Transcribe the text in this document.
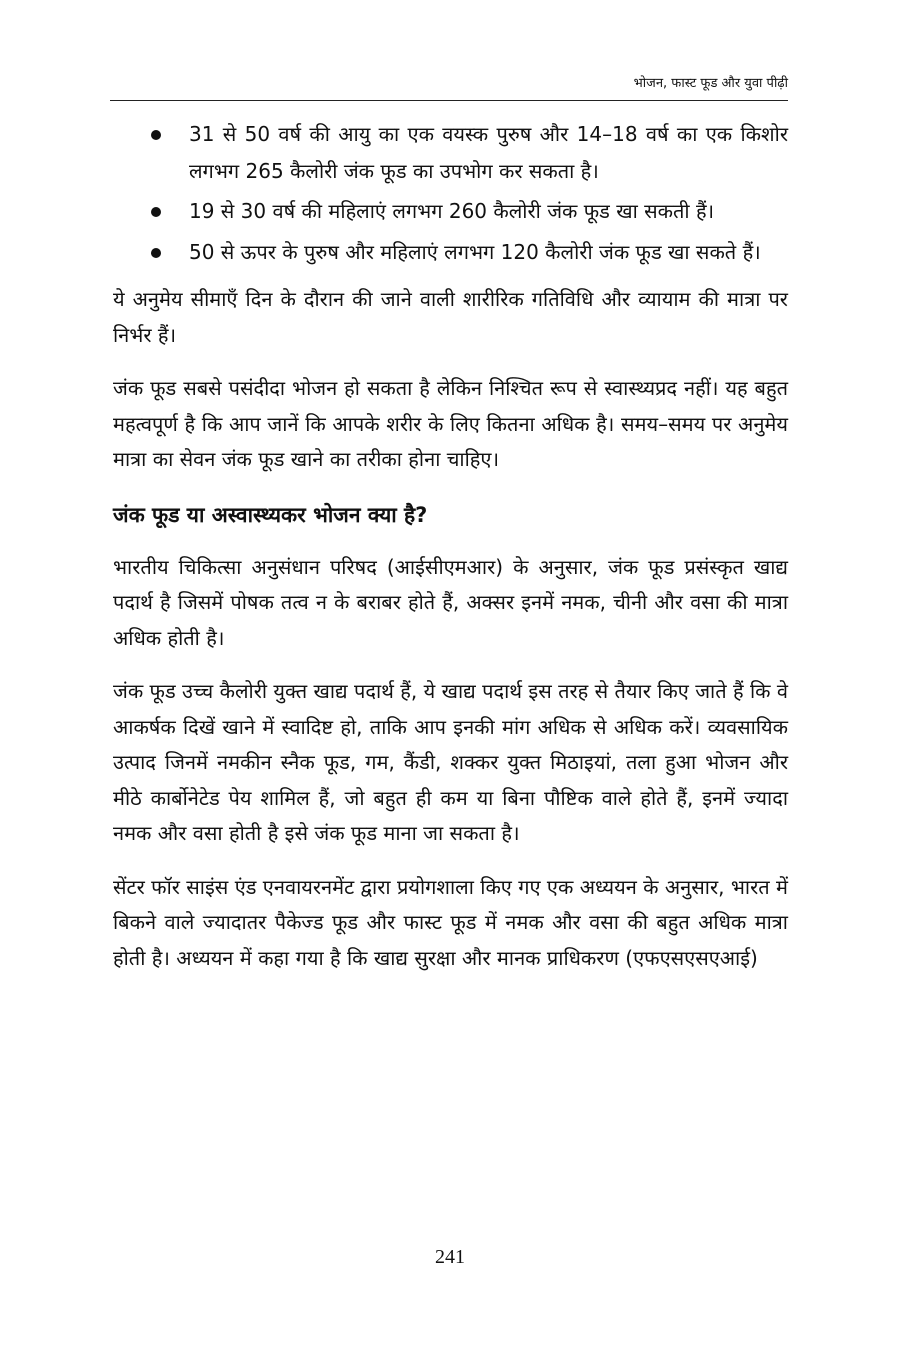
भोजन, फास्ट फूड और युवा पीढ़ी
31 से 50 वर्ष की आयु का एक वयस्क पुरुष और 14–18 वर्ष का एक किशोर लगभग 265 कैलोरी जंक फूड का उपभोग कर सकता है।
19 से 30 वर्ष की महिलाएं लगभग 260 कैलोरी जंक फूड खा सकती हैं।
50 से ऊपर के पुरुष और महिलाएं लगभग 120 कैलोरी जंक फूड खा सकते हैं।

ये अनुमेय सीमाएँ दिन के दौरान की जाने वाली शारीरिक गतिविधि और व्यायाम की मात्रा पर निर्भर हैं।

जंक फूड सबसे पसंदीदा भोजन हो सकता है लेकिन निश्चित रूप से स्वास्थ्यप्रद नहीं। यह बहुत महत्वपूर्ण है कि आप जानें कि आपके शरीर के लिए कितना अधिक है। समय–समय पर अनुमेय मात्रा का सेवन जंक फूड खाने का तरीका होना चाहिए।

जंक फूड या अस्वास्थ्यकर भोजन क्या है?

भारतीय चिकित्सा अनुसंधान परिषद (आईसीएमआर) के अनुसार, जंक फूड प्रसंस्कृत खाद्य पदार्थ है जिसमें पोषक तत्व न के बराबर होते हैं, अक्सर इनमें नमक, चीनी और वसा की मात्रा अधिक होती है।

जंक फूड उच्च कैलोरी युक्त खाद्य पदार्थ हैं, ये खाद्य पदार्थ इस तरह से तैयार किए जाते हैं कि वे आकर्षक दिखें खाने में स्वादिष्ट हो, ताकि आप इनकी मांग अधिक से अधिक करें। व्यवसायिक उत्पाद जिनमें नमकीन स्नैक फूड, गम, कैंडी, शक्कर युक्त मिठाइयां, तला हुआ भोजन और मीठे कार्बोनेटेड पेय शामिल हैं, जो बहुत ही कम या बिना पौष्टिक वाले होते हैं, इनमें ज्यादा नमक और वसा होती है इसे जंक फूड माना जा सकता है।

सेंटर फॉर साइंस एंड एनवायरनमेंट द्वारा प्रयोगशाला किए गए एक अध्ययन के अनुसार, भारत में बिकने वाले ज्यादातर पैकेज्ड फूड और फास्ट फूड में नमक और वसा की बहुत अधिक मात्रा होती है। अध्ययन में कहा गया है कि खाद्य सुरक्षा और मानक प्राधिकरण (एफएसएसएआई)

241
